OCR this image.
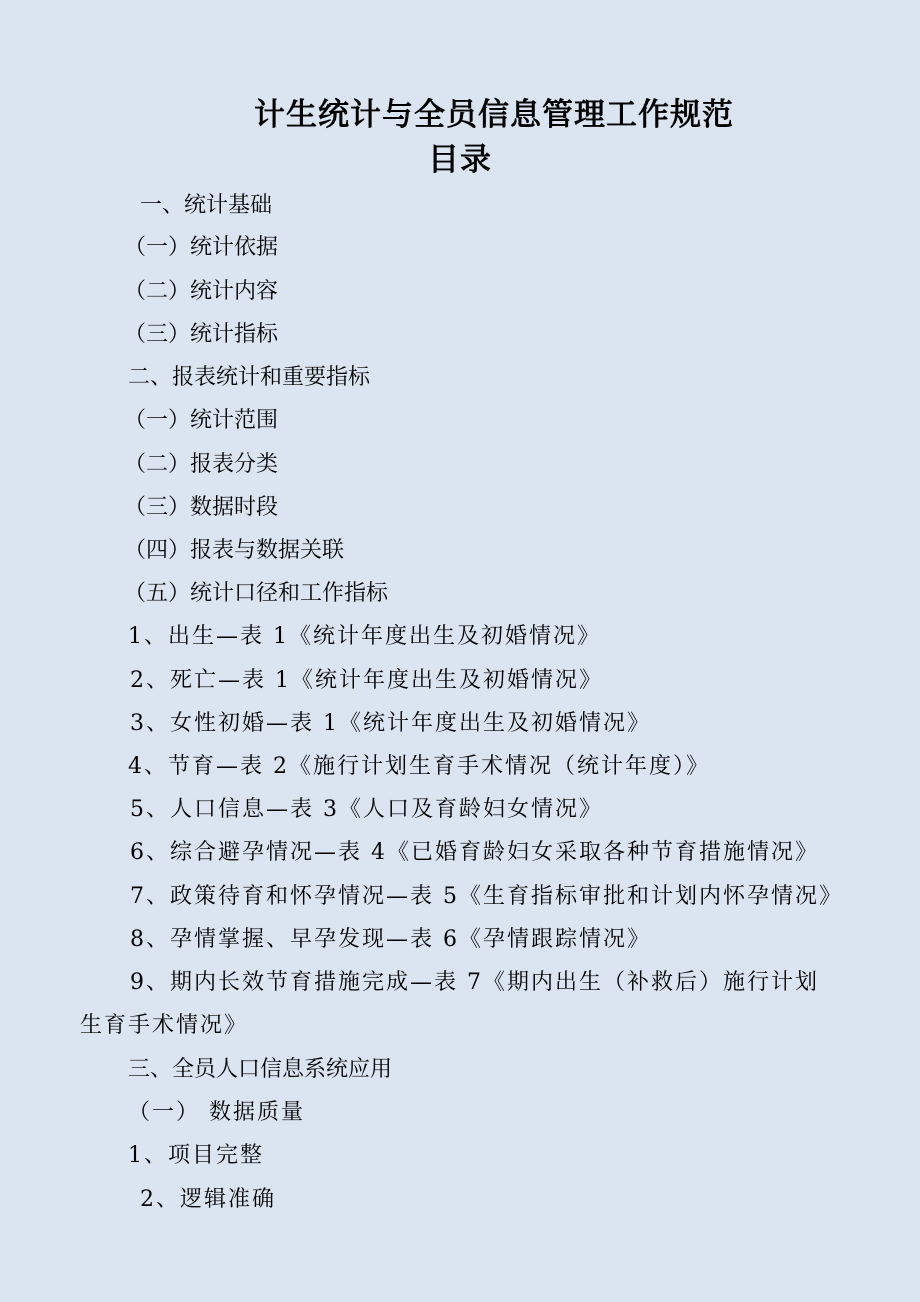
计生统计与全员信息管理工作规范
目录
一、统计基础
（一）统计依据
（二）统计内容
（三）统计指标
二、报表统计和重要指标
（一）统计范围
（二）报表分类
（三）数据时段
（四）报表与数据关联
（五）统计口径和工作指标
1、出生—表 1《统计年度出生及初婚情况》
2、死亡—表 1《统计年度出生及初婚情况》
3、女性初婚—表 1《统计年度出生及初婚情况》
4、节育—表 2《施行计划生育手术情况（统计年度）》
5、人口信息—表 3《人口及育龄妇女情况》
6、综合避孕情况—表 4《已婚育龄妇女采取各种节育措施情况》
7、政策待育和怀孕情况—表 5《生育指标审批和计划内怀孕情况》
8、孕情掌握、早孕发现—表 6《孕情跟踪情况》
9、期内长效节育措施完成—表 7《期内出生（补救后）施行计划
生育手术情况》
三、全员人口信息系统应用
（一） 数据质量
1、项目完整
2、逻辑准确
